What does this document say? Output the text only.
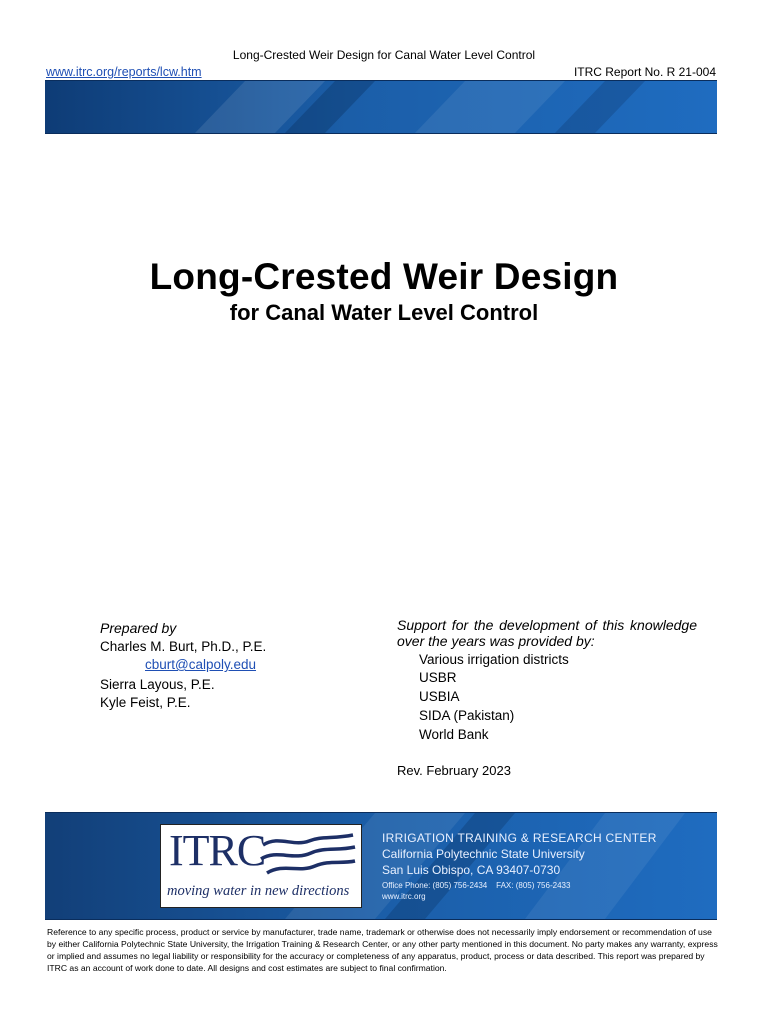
Long-Crested Weir Design for Canal Water Level Control
www.itrc.org/reports/lcw.htm	ITRC Report No. R 21-004
Long-Crested Weir Design
for Canal Water Level Control
Prepared by
Charles M. Burt, Ph.D., P.E.
cburt@calpoly.edu
Sierra Layous, P.E.
Kyle Feist, P.E.
Support for the development of this knowledge over the years was provided by:
Various irrigation districts
USBR
USBIA
SIDA (Pakistan)
World Bank
Rev. February 2023
ITRC
moving water in new directions
IRRIGATION TRAINING & RESEARCH CENTER
California Polytechnic State University
San Luis Obispo, CA 93407-0730
Office Phone: (805) 756-2434    FAX: (805) 756-2433
www.itrc.org
Reference to any specific process, product or service by manufacturer, trade name, trademark or otherwise does not necessarily imply endorsement or recommendation of use by either California Polytechnic State University, the Irrigation Training & Research Center, or any other party mentioned in this document. No party makes any warranty, express or implied and assumes no legal liability or responsibility for the accuracy or completeness of any apparatus, product, process or data described. This report was prepared by ITRC as an account of work done to date. All designs and cost estimates are subject to final confirmation.
